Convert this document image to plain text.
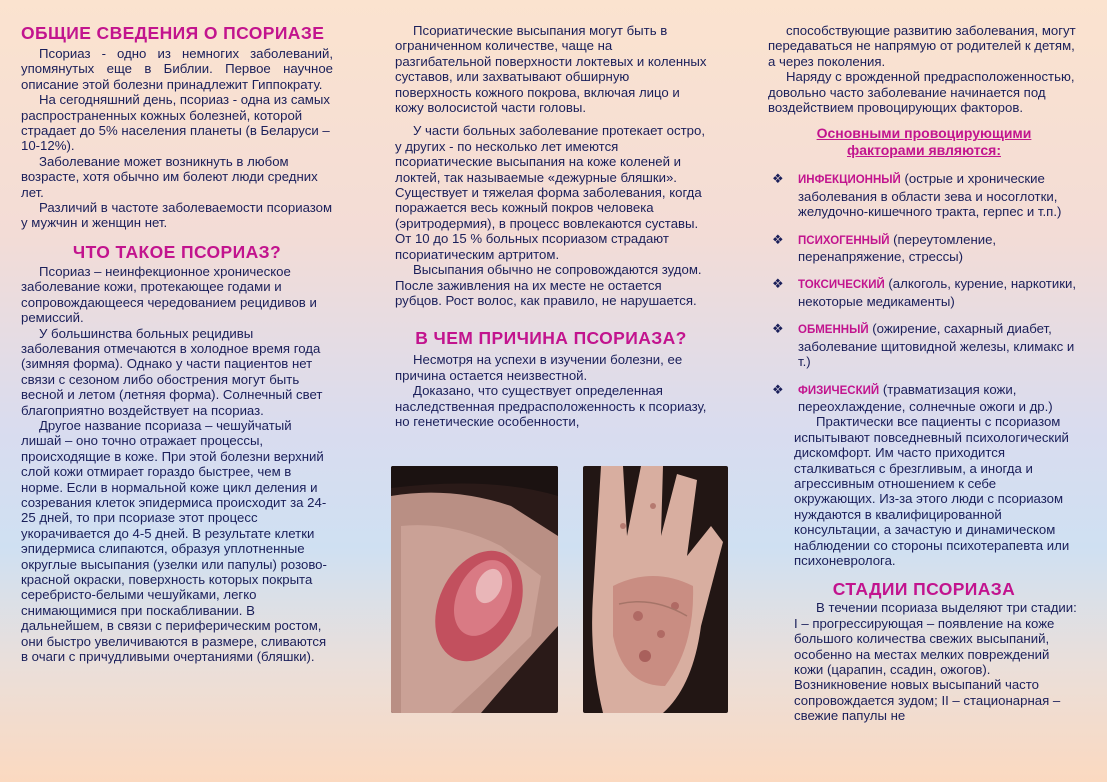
ОБЩИЕ СВЕДЕНИЯ О ПСОРИАЗЕ

Псориаз - одно из немногих заболеваний, упомянутых еще в Библии. Первое научное описание этой болезни принадлежит Гиппократу.

На сегодняшний день, псориаз - одна из самых распространенных кожных болезней, которой страдает до 5% населения планеты (в Беларуси – 10-12%).

Заболевание может возникнуть в любом возрасте, хотя обычно им болеют люди средних лет.

Различий в частоте заболеваемости псориазом у мужчин и женщин нет.

ЧТО ТАКОЕ ПСОРИАЗ?

Псориаз – неинфекционное хроническое заболевание кожи, протекающее годами и сопровождающееся чередованием рецидивов и ремиссий.

У большинства больных рецидивы заболевания отмечаются в холодное время года (зимняя форма). Однако у части пациентов нет связи с сезоном либо обострения могут быть весной и летом (летняя форма). Солнечный свет благоприятно воздействует на псориаз.

Другое название псориаза – чешуйчатый лишай – оно точно отражает процессы, происходящие в коже. При этой болезни верхний слой кожи отмирает гораздо быстрее, чем в норме. Если в нормальной коже цикл деления и созревания клеток эпидермиса происходит за 24-25 дней, то при псориазе этот процесс укорачивается до 4-5 дней. В результате клетки эпидермиса слипаются, образуя уплотненные округлые высыпания (узелки или папулы) розово-красной окраски, поверхность которых покрыта серебристо-белыми чешуйками, легко снимающимися при поскабливании. В дальнейшем, в связи с периферическим ростом, они быстро увеличиваются в размере, сливаются в очаги с причудливыми очертаниями (бляшки).

Псориатические высыпания могут быть в ограниченном количестве, чаще на разгибательной поверхности локтевых и коленных суставов, или захватывают обширную поверхность кожного покрова, включая лицо и кожу волосистой части головы.

У части больных заболевание протекает остро, у других - по несколько лет имеются псориатические высыпания на коже коленей и локтей, так называемые «дежурные бляшки». Существует и тяжелая форма заболевания, когда поражается весь кожный покров человека (эритродермия), в процесс вовлекаются суставы. От 10 до 15 % больных псориазом страдают псориатическим артритом.

Высыпания обычно не сопровождаются зудом. После заживления на их месте не остается рубцов. Рост волос, как правило, не нарушается.

В ЧЕМ ПРИЧИНА ПСОРИАЗА?

Несмотря на успехи в изучении болезни, ее причина остается неизвестной.

Доказано, что существует определенная наследственная предрасположенность к псориазу, но генетические особенности,

способствующие развитию заболевания, могут передаваться не напрямую от родителей к детям, а через поколения.

Наряду с врожденной предрасположенностью, довольно часто заболевание начинается под воздействием провоцирующих факторов.

Основными провоцирующими факторами являются:
❖ ИНФЕКЦИОННЫЙ (острые и хронические заболевания в области зева и носоглотки, желудочно-кишечного тракта, герпес и т.п.)
❖ ПСИХОГЕННЫЙ (переутомление, перенапряжение, стрессы)
❖ ТОКСИЧЕСКИЙ (алкоголь, курение, наркотики, некоторые медикаменты)
❖ ОБМЕННЫЙ (ожирение, сахарный диабет, заболевание щитовидной железы, климакс и т.)
❖ ФИЗИЧЕСКИЙ (травматизация кожи, переохлаждение, солнечные ожоги и др.)

Практически все пациенты с псориазом испытывают повседневный психологический дискомфорт. Им часто приходится сталкиваться с брезгливым, а иногда и агрессивным отношением к себе окружающих. Из-за этого люди с псориазом нуждаются в квалифицированной консультации, а зачастую и динамическом наблюдении со стороны психотерапевта или психоневролога.

СТАДИИ ПСОРИАЗА

В течении псориаза выделяют три стадии: I – прогрессирующая – появление на коже большого количества свежих высыпаний, особенно на местах мелких повреждений кожи (царапин, ссадин, ожогов). Возникновение новых высыпаний часто сопровождается зудом; II – стационарная – свежие папулы не
